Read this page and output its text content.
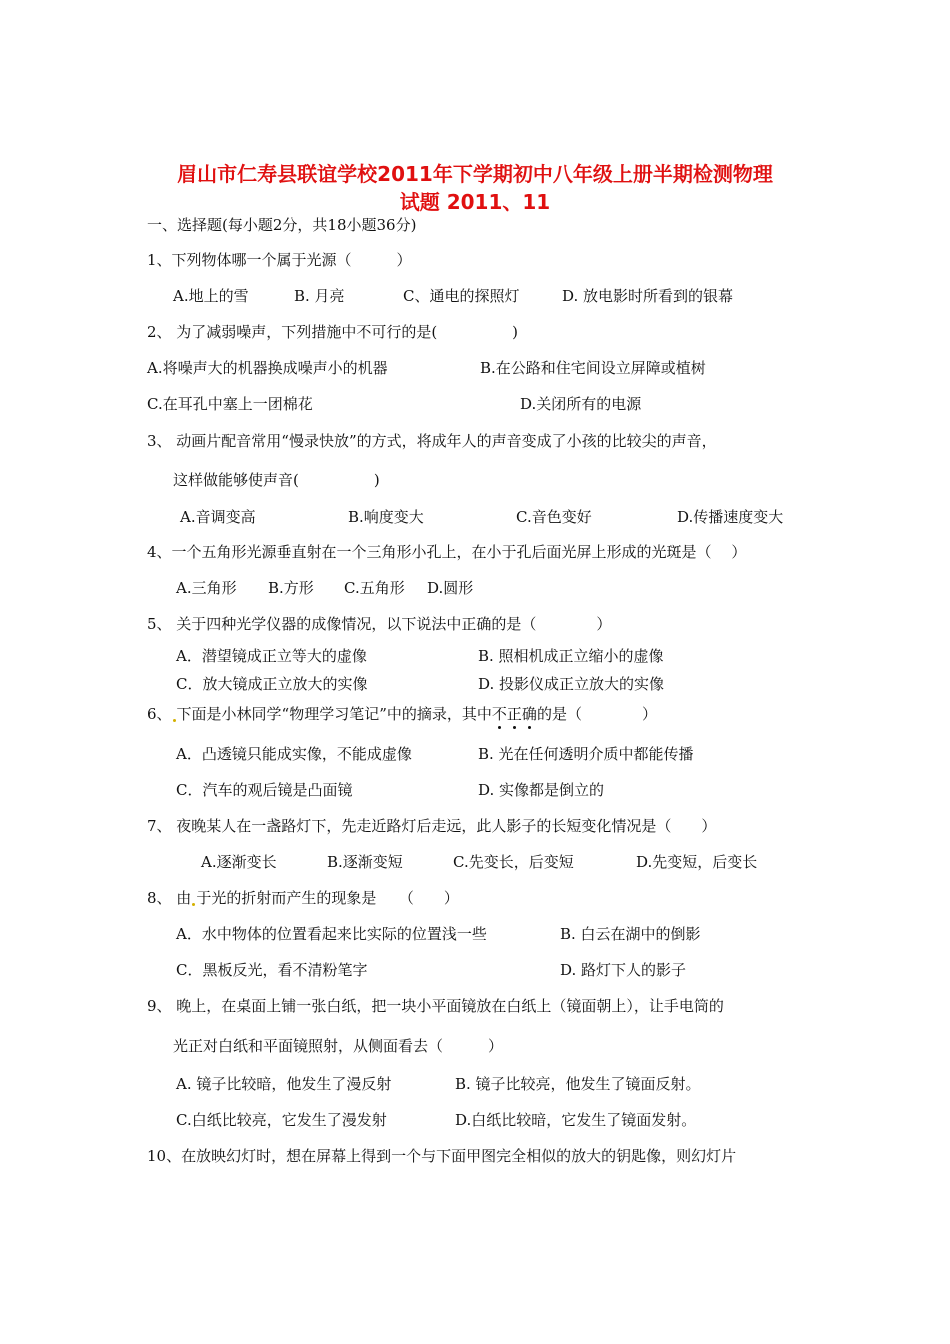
眉山市仁寿县联谊学校2011年下学期初中八年级上册半期检测物理
试题 2011、11
一、选择题(每小题2分，共18小题36分)
1、下列物体哪一个属于光源（　　　）
A.地上的雪	B. 月亮	C、通电的探照灯	D. 放电影时所看到的银幕
2、 为了减弱噪声，下列措施中不可行的是(　　　　　)
A.将噪声大的机器换成噪声小的机器	B.在公路和住宅间设立屏障或植树
C.在耳孔中塞上一团棉花	D.关闭所有的电源
3、 动画片配音常用“慢录快放”的方式，将成年人的声音变成了小孩的比较尖的声音，
这样做能够使声音(　　　　　)
A.音调变高	B.响度变大	C.音色变好	D.传播速度变大
4、一个五角形光源垂直射在一个三角形小孔上，在小于孔后面光屏上形成的光斑是（　 ）
A.三角形 B.方形 C.五角形 D.圆形
5、 关于四种光学仪器的成像情况，以下说法中正确的是（　　　　）
A．潜望镜成正立等大的虚像	B. 照相机成正立缩小的虚像
C．放大镜成正立放大的实像	D. 投影仪成正立放大的实像
6、 下面是小林同学“物理学习笔记”中的摘录，其中不正确的是（　　　　）
A．凸透镜只能成实像，不能成虚像	B. 光在任何透明介质中都能传播
C．汽车的观后镜是凸面镜	D. 实像都是倒立的
7、 夜晚某人在一盏路灯下，先走近路灯后走远，此人影子的长短变化情况是（　　）
A.逐渐变长	B.逐渐变短	C.先变长，后变短	D.先变短，后变长
8、 由 于光的折射而产生的现象是　　（　　）
A．水中物体的位置看起来比实际的位置浅一些	B. 白云在湖中的倒影
C．黑板反光，看不清粉笔字	D. 路灯下人的影子
9、 晚上，在桌面上铺一张白纸，把一块小平面镜放在白纸上（镜面朝上），让手电筒的
光正对白纸和平面镜照射，从侧面看去（　　　）
A. 镜子比较暗，他发生了漫反射	B. 镜子比较亮，他发生了镜面反射。
C.白纸比较亮，它发生了漫发射	D.白纸比较暗，它发生了镜面发射。
10、在放映幻灯时，想在屏幕上得到一个与下面甲图完全相似的放大的钥匙像，则幻灯片
